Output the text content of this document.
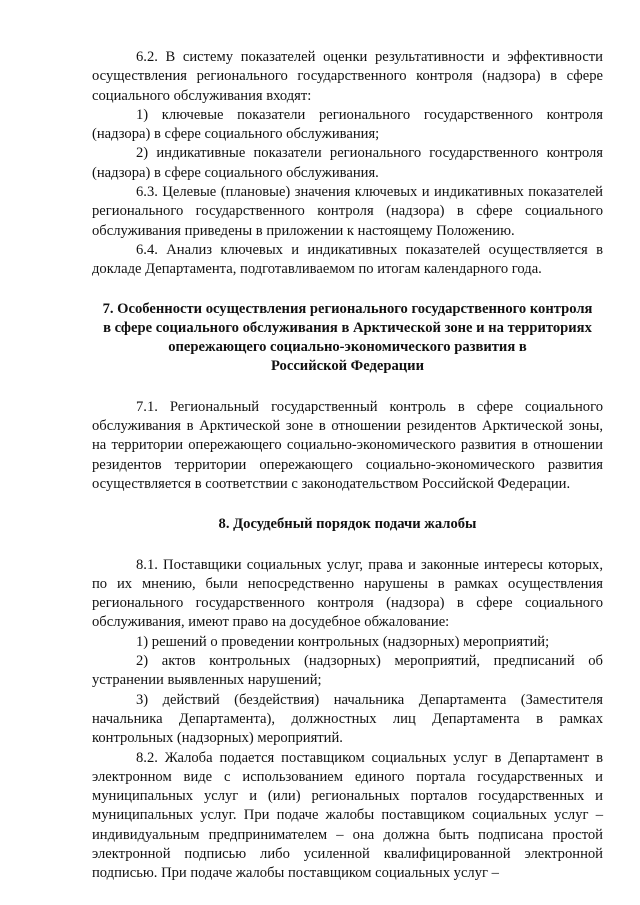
6.2. В систему показателей оценки результативности и эффективности осуществления регионального государственного контроля (надзора) в сфере социального обслуживания входят:

1) ключевые показатели регионального государственного контроля (надзора) в сфере социального обслуживания;

2) индикативные показатели регионального государственного контроля (надзора) в сфере социального обслуживания.

6.3. Целевые (плановые) значения ключевых и индикативных показателей регионального государственного контроля (надзора) в сфере социального обслуживания приведены в приложении к настоящему Положению.

6.4. Анализ ключевых и индикативных показателей осуществляется в докладе Департамента, подготавливаемом по итогам календарного года.

7. Особенности осуществления регионального государственного контроля

в сфере социального обслуживания в Арктической зоне и на территориях

опережающего социально-экономического развития в

Российской Федерации

7.1. Региональный государственный контроль в сфере социального обслуживания в Арктической зоне в отношении резидентов Арктической зоны, на территории опережающего социально-экономического развития в отношении резидентов территории опережающего социально-экономического развития осуществляется в соответствии с законодательством Российской Федерации.

8. Досудебный порядок подачи жалобы

8.1. Поставщики социальных услуг, права и законные интересы которых, по их мнению, были непосредственно нарушены в рамках осуществления регионального государственного контроля (надзора) в сфере социального обслуживания, имеют право на досудебное обжалование:

1) решений о проведении контрольных (надзорных) мероприятий;

2) актов контрольных (надзорных) мероприятий, предписаний об устранении выявленных нарушений;

3) действий (бездействия) начальника Департамента (Заместителя начальника Департамента), должностных лиц Департамента в рамках контрольных (надзорных) мероприятий.

8.2. Жалоба подается поставщиком социальных услуг в Департамент в электронном виде с использованием единого портала государственных и муниципальных услуг и (или) региональных порталов государственных и муниципальных услуг. При подаче жалобы поставщиком социальных услуг – индивидуальным предпринимателем – она должна быть подписана простой электронной подписью либо усиленной квалифицированной электронной подписью. При подаче жалобы поставщиком социальных услуг –
